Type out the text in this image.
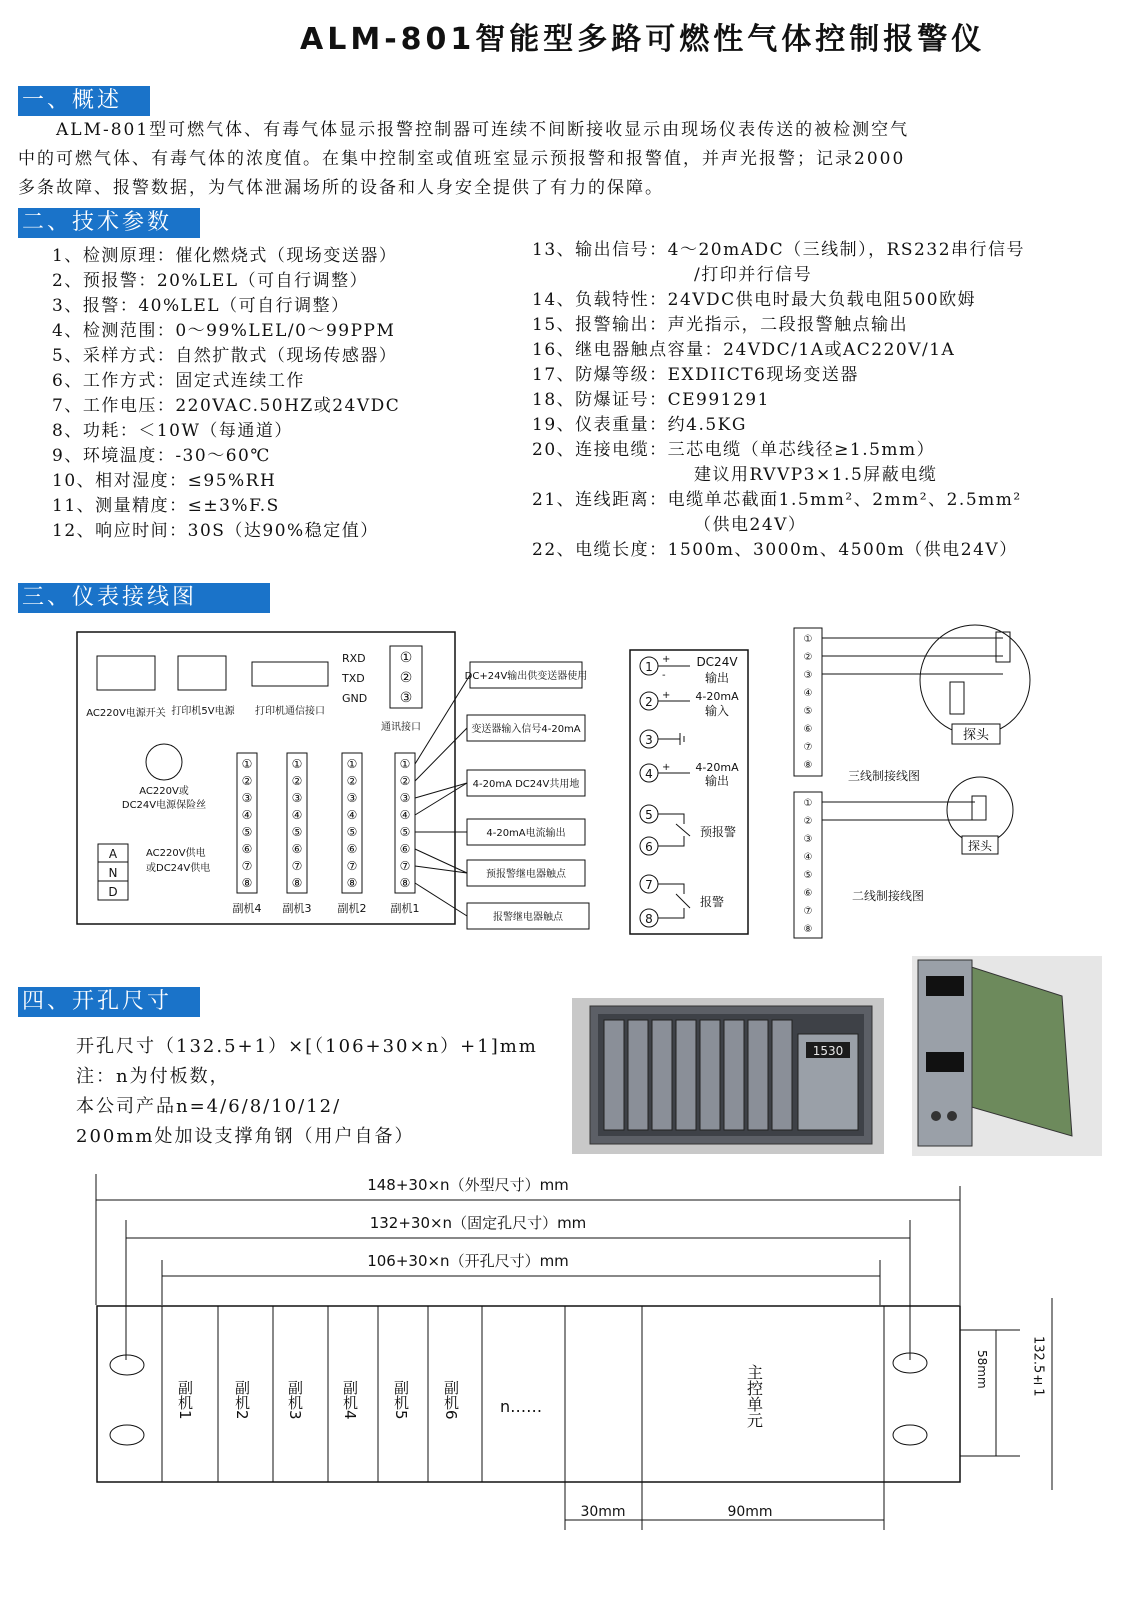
ALM-801智能型多路可燃性气体控制报警仪
一、概述
　　ALM-801型可燃气体、有毒气体显示报警控制器可连续不间断接收显示由现场仪表传送的被检测空气
中的可燃气体、有毒气体的浓度值。在集中控制室或值班室显示预报警和报警值，并声光报警；记录2000
多条故障、报警数据，为气体泄漏场所的设备和人身安全提供了有力的保障。
二、技术参数
1、检测原理：催化燃烧式（现场变送器）
2、预报警：20%LEL（可自行调整）
3、报警：40%LEL（可自行调整）
4、检测范围：0～99%LEL/0～99PPM
5、采样方式：自然扩散式（现场传感器）
6、工作方式：固定式连续工作
7、工作电压：220VAC.50HZ或24VDC
8、功耗：＜10W（每通道）
9、环境温度：-30～60℃
10、相对湿度：≤95%RH
11、测量精度：≤±3%F.S
12、响应时间：30S（达90%稳定值）
13、输出信号：4～20mADC（三线制），RS232串行信号
/打印并行信号
14、负载特性：24VDC供电时最大负载电阻500欧姆
15、报警输出：声光指示，二段报警触点输出
16、继电器触点容量：24VDC/1A或AC220V/1A
17、防爆等级：EXDIICT6现场变送器
18、防爆证号：CE991291
19、仪表重量：约4.5KG
20、连接电缆：三芯电缆（单芯线径≥1.5mm）
建议用RVVP3×1.5屏蔽电缆
21、连线距离：电缆单芯截面1.5mm²、2mm²、2.5mm²
（供电24V）
22、电缆长度：1500m、3000m、4500m（供电24V）
三、仪表接线图
AC220V电源开关 打印机5V电源 打印机通信接口
RXD
TXD
GND
①
②
③
通讯接口
AC220V或
DC24V电源保险丝
A
N
D
AC220V供电
或DC24V供电
①
②
③
④
⑤
⑥
⑦
⑧
副机4
①
②
③
④
⑤
⑥
⑦
⑧
副机3
①
②
③
④
⑤
⑥
⑦
⑧
副机2
①
②
③
④
⑤
⑥
⑦
⑧
副机1
DC+24V输出供变送器使用
变送器输入信号4-20mA
4-20mA DC24V共用地
4-20mA电流输出
预报警继电器触点
报警继电器触点
1
2
3
4
5
6
7
8
+
+
+
-
DC24V
输出
4-20mA
输入
4-20mA
输出
预报警
报警
①
②
③
④
⑤
⑥
⑦
⑧
探头
三线制接线图
①
②
③
④
⑤
⑥
⑦
⑧
探头
二线制接线图
四、开孔尺寸
开孔尺寸（132.5+1）×[（106+30×n）+1]mm
注：n为付板数，
本公司产品n=4/6/8/10/12/
200mm处加设支撑角钢（用户自备）
1530
148+30×n（外型尺寸）mm
132+30×n（固定孔尺寸）mm
106+30×n（开孔尺寸）mm
副机1	副机2 副机3 副机4 副机5 副机6	n……	主控单元	58mm	132.5±1
30mm	90mm
